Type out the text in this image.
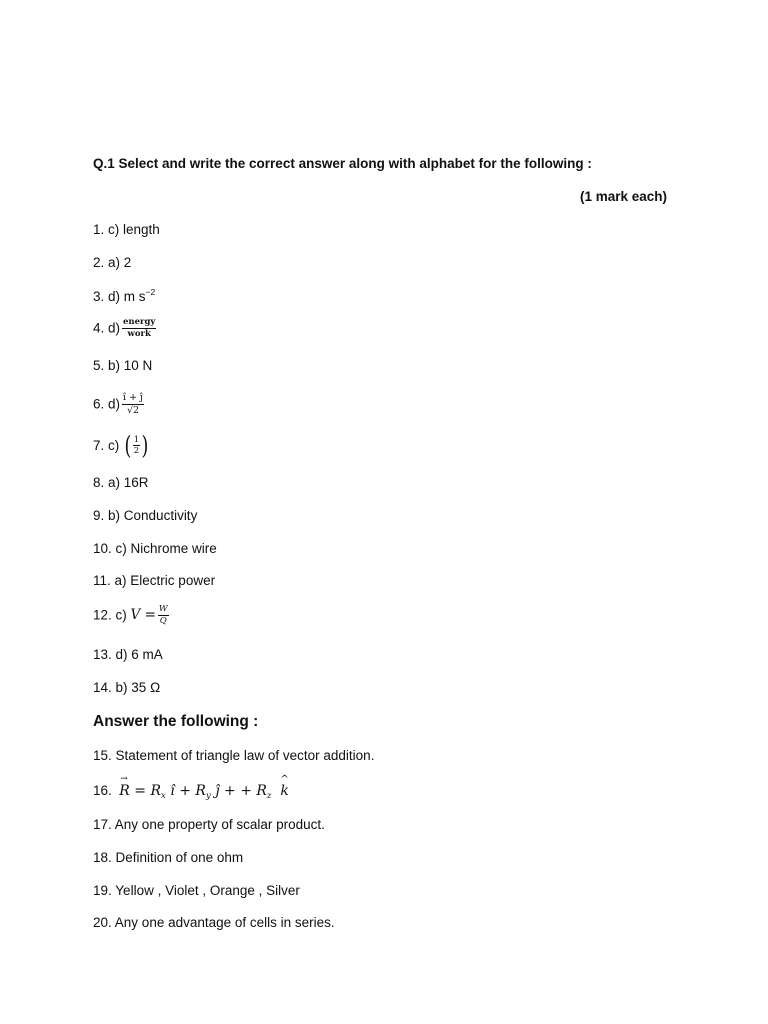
Q.1 Select and write the correct answer along with alphabet for the following :
(1 mark each)
1. c) length
2. a) 2
3. d) m $s^{-2}$
4. $d) \frac{\text{energy}}{\text{work}}$
5. b) 10 N
6. $d) \frac{î + ĵ}{√2}$
7. c) ( $\frac{1}{2}$ )
8. a) 16R
9. b) Conductivity
10. c) Nichrome wire
11. a) Electric power
12. c) $V = \frac{W}{Q}$
13. d) 6 mA
14. b) 35 Ω
Answer the following :
15. Statement of triangle law of vector addition.
16.
→
$R = R_x$ ı̂ + $R_y$ ȷ̂ + + $R_z$
^
k
17. Any one property of scalar product.
18. Definition of one ohm
19. Yellow , Violet , Orange , Silver
20. Any one advantage of cells in series.
